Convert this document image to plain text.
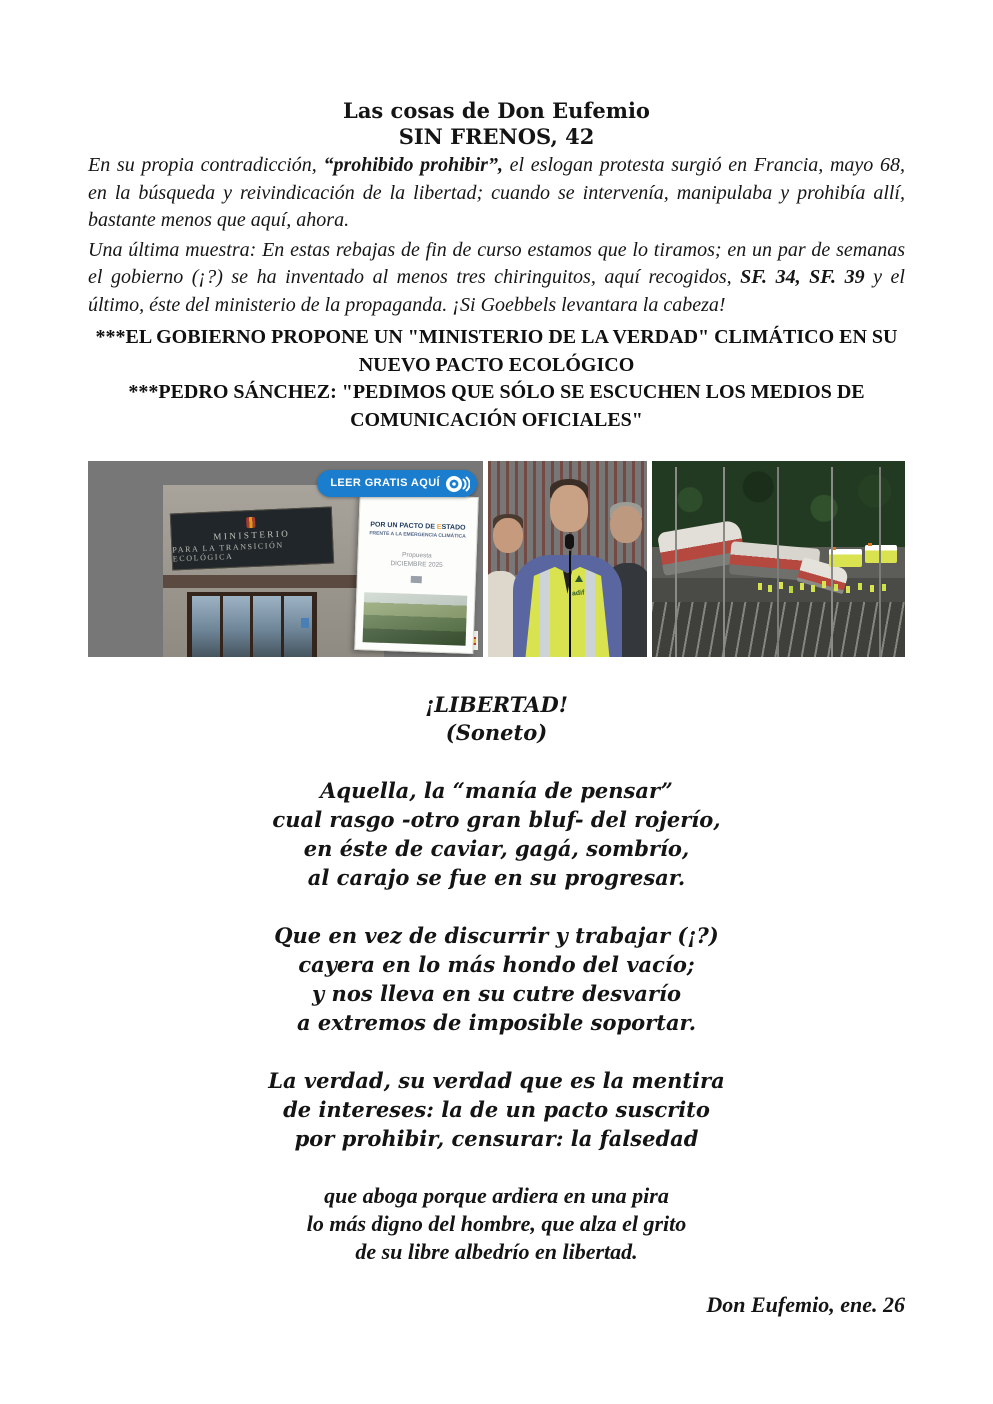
Las cosas de Don Eufemio
SIN FRENOS, 42

En su propia contradicción, “prohibido prohibir”, el eslogan protesta surgió en Francia, mayo 68, en la búsqueda y reivindicación de la libertad; cuando se intervenía, manipulaba y prohibía allí, bastante menos que aquí, ahora.

Una última muestra: En estas rebajas de fin de curso estamos que lo tiramos; en un par de semanas el gobierno (¡?) se ha inventado al menos tres chiringuitos, aquí recogidos, SF. 34, SF. 39 y el último, éste del ministerio de la propaganda. ¡Si Goebbels levantara la cabeza!

***EL GOBIERNO PROPONE UN "MINISTERIO DE LA VERDAD" CLIMÁTICO EN SU NUEVO PACTO ECOLÓGICO

***PEDRO SÁNCHEZ: "PEDIMOS QUE SÓLO SE ESCUCHEN LOS MEDIOS DE COMUNICACIÓN OFICIALES"

MINISTERIO
PARA LA TRANSICIÓN ECOLÓGICA
POR UN PACTO DE ESTADO
FRENTE A LA EMERGENCIA CLIMÁTICA
Propuesta
DICIEMBRE 2025
LEER GRATIS AQUÍ
adif

¡LIBERTAD!

(Soneto)

Aquella, la “manía de pensar”
cual rasgo -otro gran bluf- del rojerío,
en éste de caviar, gagá, sombrío,
al carajo se fue en su progresar.
Que en vez de discurrir y trabajar (¡?)
cayera en lo más hondo del vacío;
y nos lleva en su cutre desvarío
a extremos de imposible soportar.
La verdad, su verdad que es la mentira
de intereses: la de un pacto suscrito
por prohibir, censurar: la falsedad
que aboga porque ardiera en una pira
lo más digno del hombre, que alza el grito
de su libre albedrío en libertad.

Don Eufemio, ene. 26
